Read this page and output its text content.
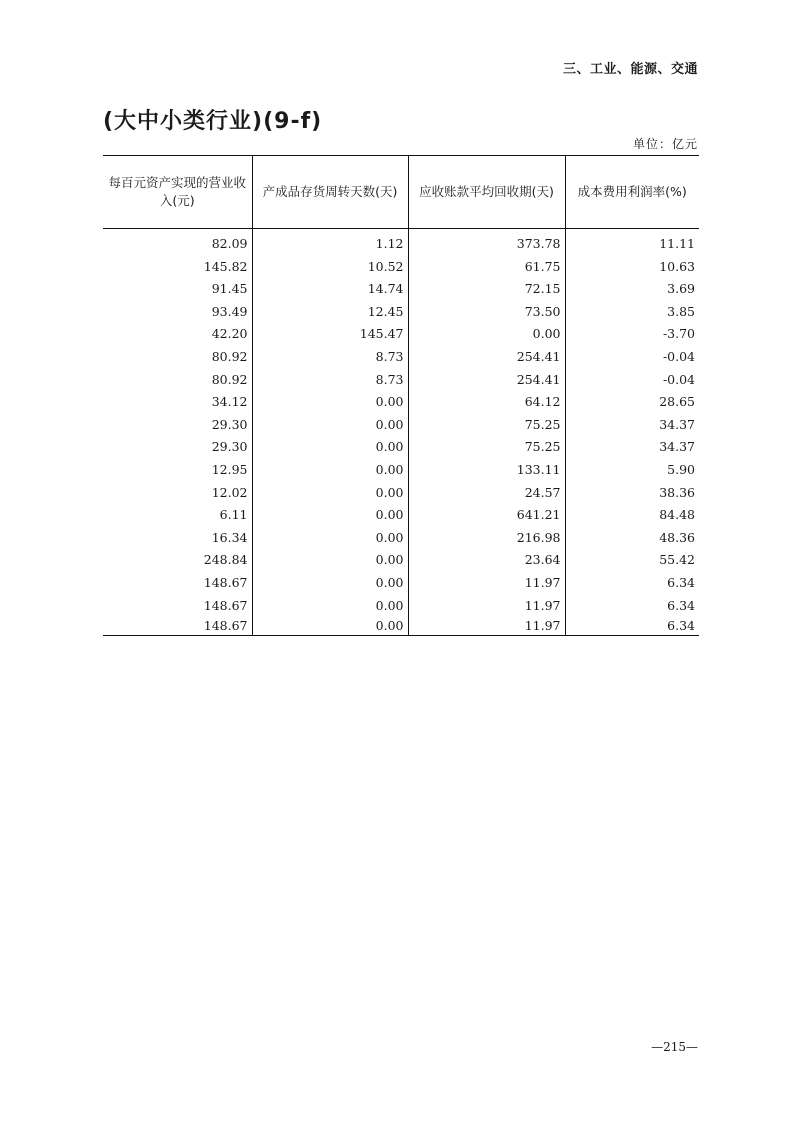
三、工业、能源、交通
(大中小类行业)(9-f)
单位：亿元
每百元资产实现的营业收入(元)	产成品存货周转天数(天)	应收账款平均回收期(天)	成本费用利润率(%)
82.09	1.12	373.78	11.11
145.82	10.52	61.75	10.63
91.45	14.74	72.15	3.69
93.49	12.45	73.50	3.85
42.20	145.47	0.00	-3.70
80.92	8.73	254.41	-0.04
80.92	8.73	254.41	-0.04
34.12	0.00	64.12	28.65
29.30	0.00	75.25	34.37
29.30	0.00	75.25	34.37
12.95	0.00	133.11	5.90
12.02	0.00	24.57	38.36
6.11	0.00	641.21	84.48
16.34	0.00	216.98	48.36
248.84	0.00	23.64	55.42
148.67	0.00	11.97	6.34
148.67	0.00	11.97	6.34
148.67	0.00	11.97	6.34
—215—
